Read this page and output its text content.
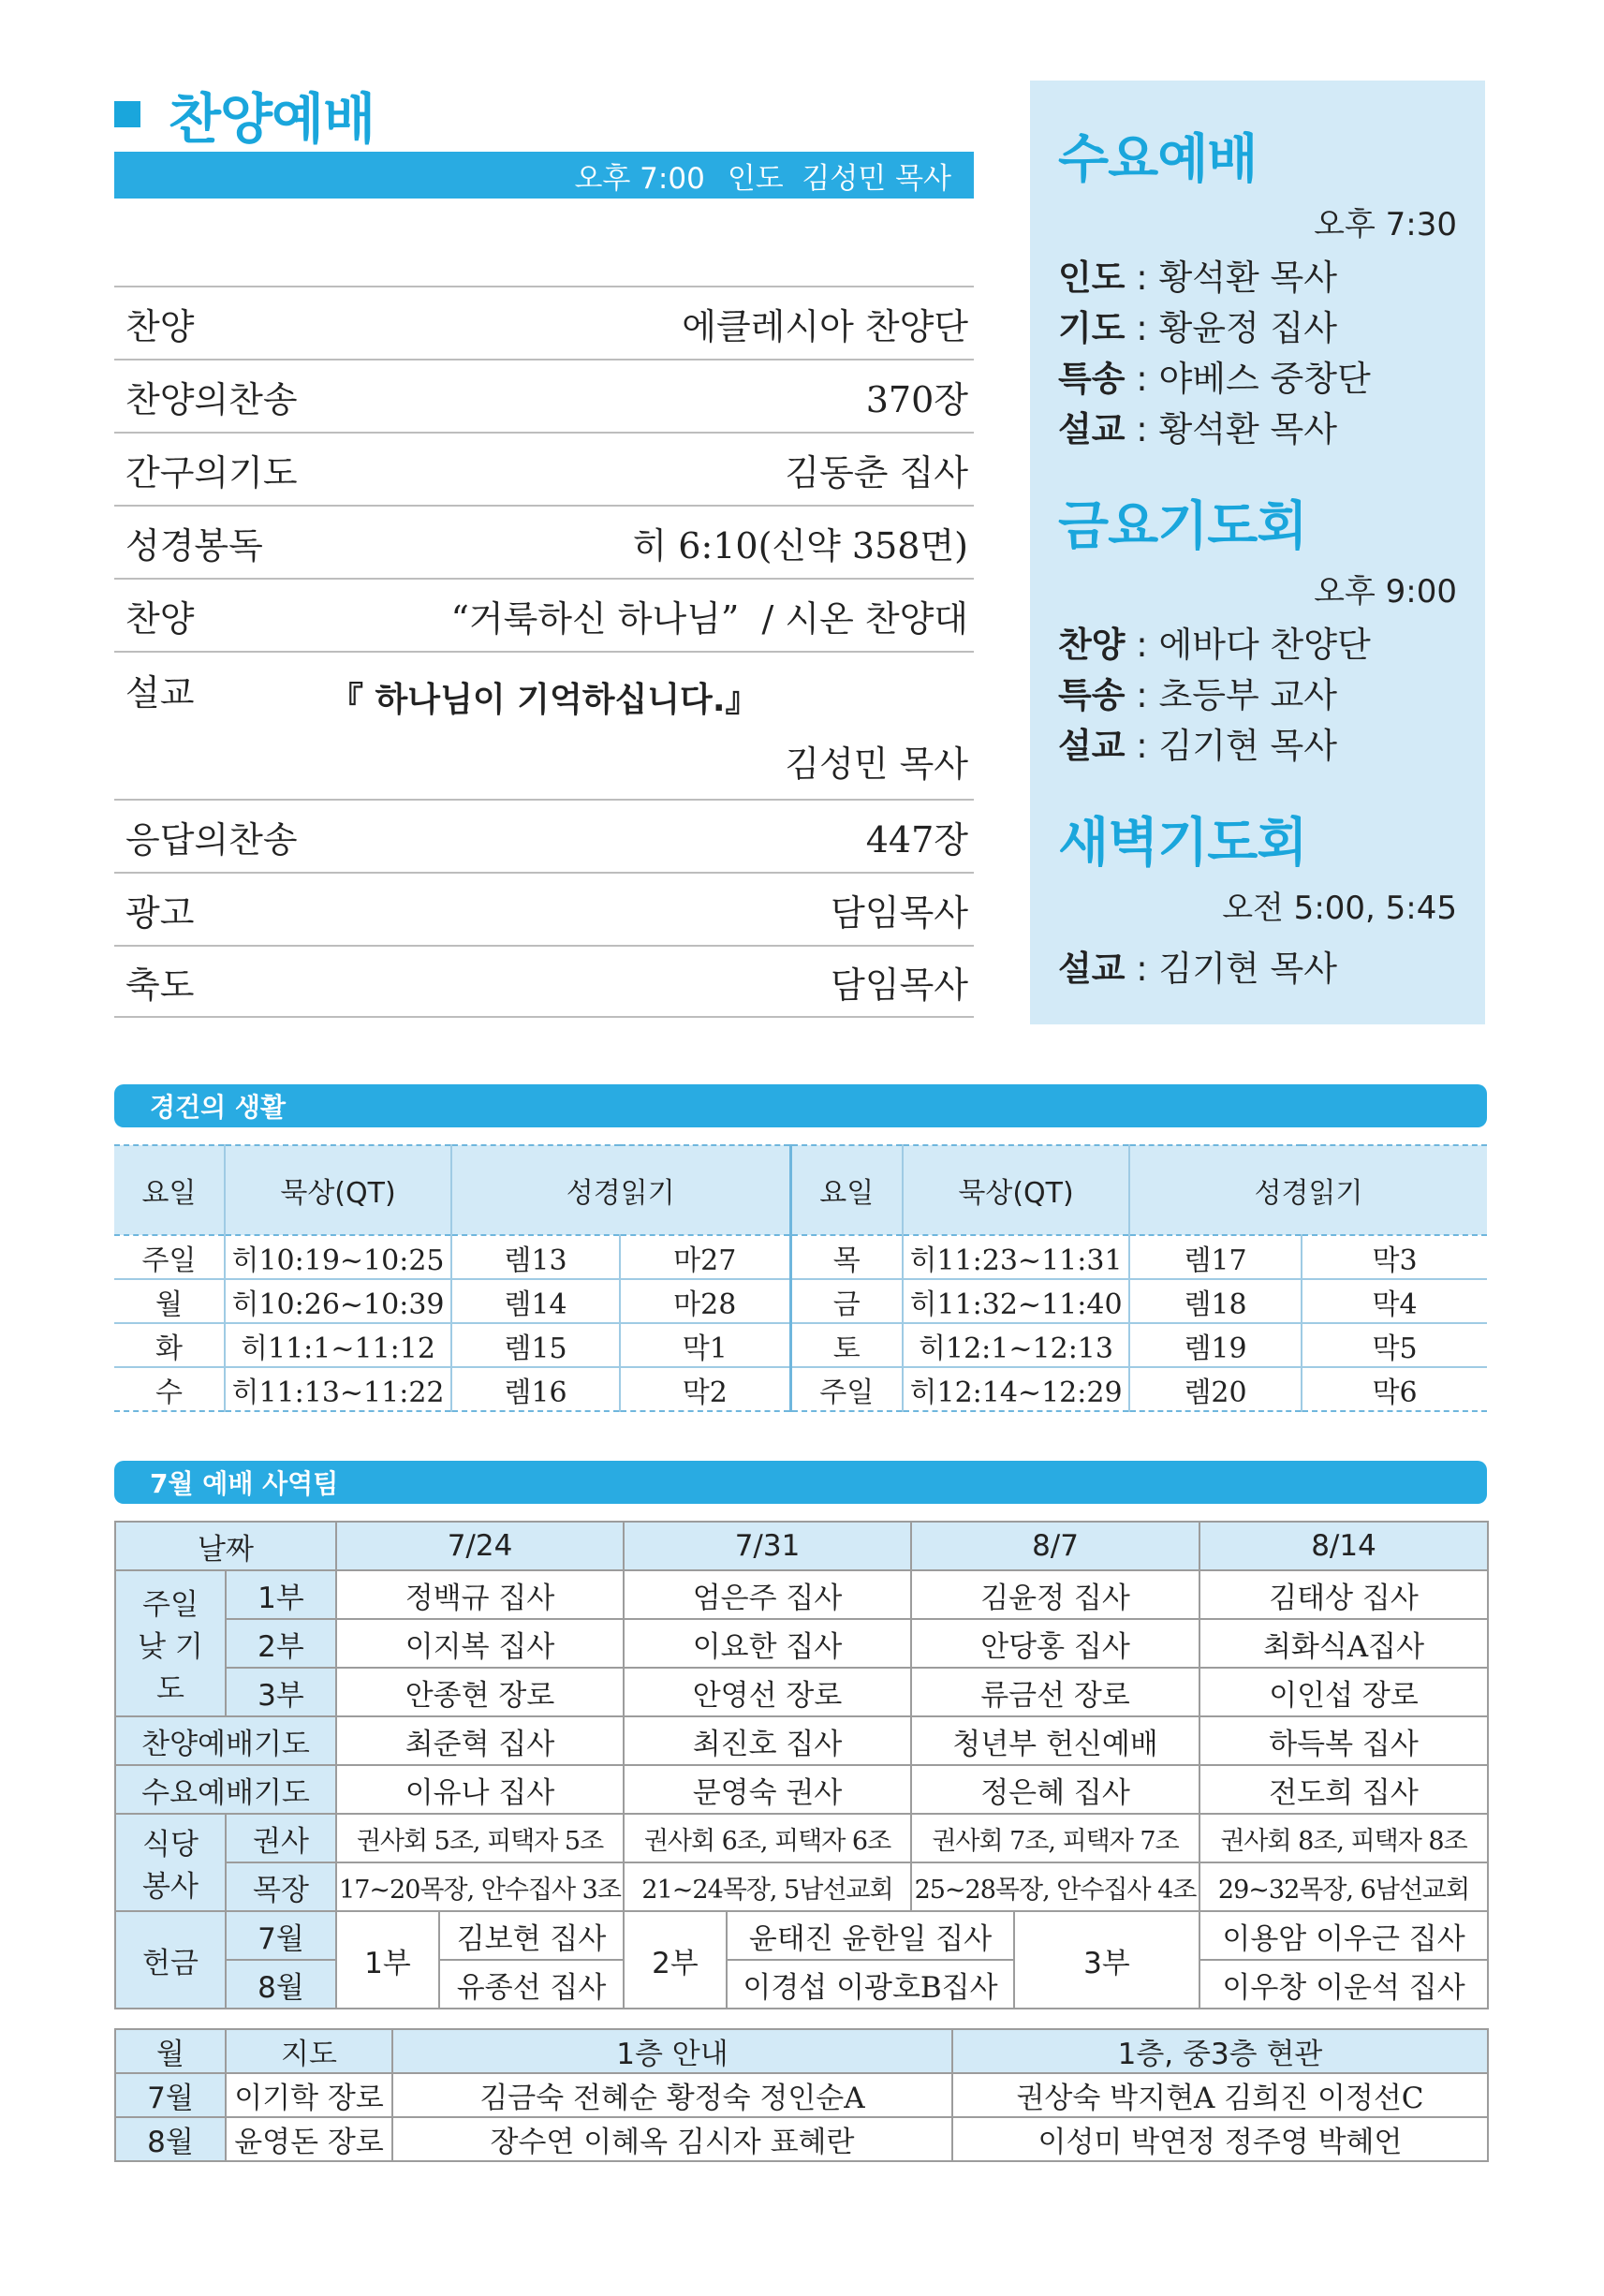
찬양예배
오후 7:00 인도  김성민 목사
찬양	에클레시아 찬양단
찬양의찬송	370장
간구의기도	김동춘 집사
성경봉독	히 6:10(신약 358면)
찬양	“거룩하신 하나님”  / 시온 찬양대
설교	『 하나님이 기억하십니다.』
김성민 목사
응답의찬송	447장
광고	담임목사
축도	담임목사
수요예배
오후 7:30
인도 : 황석환 목사
기도 : 황윤정 집사
특송 : 야베스 중창단
설교 : 황석환 목사
금요기도회
오후 9:00
찬양 : 에바다 찬양단
특송 : 초등부 교사
설교 : 김기현 목사
새벽기도회
오전 5:00, 5:45
설교 : 김기현 목사
경건의 생활
요일	묵상(QT)	성경읽기		요일	묵상(QT)	성경읽기	
주일	히10:19~10:25	렘13	마27	목	히11:23~11:31	렘17	막3
월	히10:26~10:39	렘14	마28	금	히11:32~11:40	렘18	막4
화	히11:1~11:12	렘15	막1	토	히12:1~12:13	렘19	막5
수	히11:13~11:22	렘16	막2	주일	히12:14~12:29	렘20	막6
7월 예배 사역팀
날짜		7/24		7/31		8/7		8/14
주일낮 기도	1부	정백규 집사		엄은주 집사		김윤정 집사		김태상 집사
	2부	이지복 집사		이요한 집사		안당홍 집사		최화식A집사
	3부	안종현 장로		안영선 장로		류금선 장로		이인섭 장로
찬양예배기도		최준혁 집사		최진호 집사		청년부 헌신예배		하득복 집사
수요예배기도		이유나 집사		문영숙 권사		정은혜 집사		전도희 집사
식당 봉사	권사	권사회 5조, 피택자 5조		권사회 6조, 피택자 6조		권사회 7조, 피택자 7조		권사회 8조, 피택자 8조
	목장	17~20목장, 안수집사 3조		21~24목장, 5남선교회		25~28목장, 안수집사 4조		29~32목장, 6남선교회
헌금	7월	1부	김보현 집사	2부	윤태진 윤한일 집사		3부	이용암 이우근 집사
	8월		유종선 집사		이경섭 이광호B집사			이우창 이운석 집사
월	지도	1층 안내	1층, 중3층 현관
7월	이기학 장로	김금숙 전혜순 황정숙 정인순A	권상숙 박지현A 김희진 이정선C
8월	윤영돈 장로	장수연 이혜옥 김시자 표혜란	이성미 박연정 정주영 박혜언
